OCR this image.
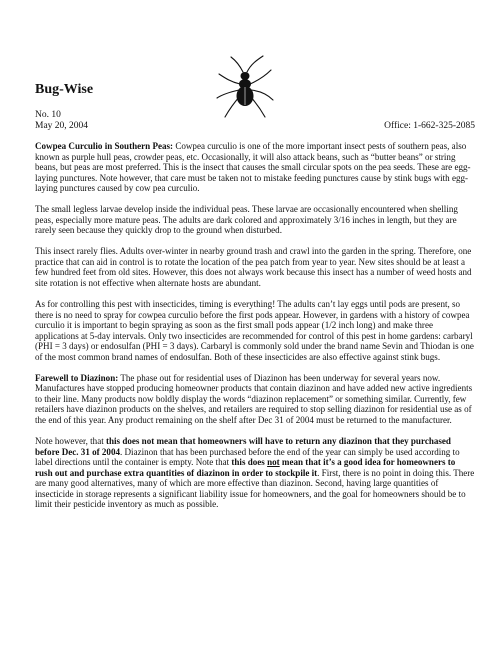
Bug-Wise
No. 10
May 20, 2004	Office: 1-662-325-2085

Cowpea Curculio in Southern Peas: Cowpea curculio is one of the more important insect pests of southern peas, also known as purple hull peas, crowder peas, etc. Occasionally, it will also attack beans, such as “butter beans” or string beans, but peas are most preferred. This is the insect that causes the small circular spots on the pea seeds. These are egg-laying punctures. Note however, that care must be taken not to mistake feeding punctures cause by stink bugs with egg-laying punctures caused by cow pea curculio.

The small legless larvae develop inside the individual peas. These larvae are occasionally encountered when shelling peas, especially more mature peas. The adults are dark colored and approximately 3/16 inches in length, but they are rarely seen because they quickly drop to the ground when disturbed.

This insect rarely flies. Adults over-winter in nearby ground trash and crawl into the garden in the spring. Therefore, one practice that can aid in control is to rotate the location of the pea patch from year to year. New sites should be at least a few hundred feet from old sites. However, this does not always work because this insect has a number of weed hosts and site rotation is not effective when alternate hosts are abundant.

As for controlling this pest with insecticides, timing is everything! The adults can’t lay eggs until pods are present, so there is no need to spray for cowpea curculio before the first pods appear. However, in gardens with a history of cowpea curculio it is important to begin spraying as soon as the first small pods appear (1/2 inch long) and make three applications at 5-day intervals. Only two insecticides are recommended for control of this pest in home gardens: carbaryl (PHI = 3 days) or endosulfan (PHI = 3 days). Carbaryl is commonly sold under the brand name Sevin and Thiodan is one of the most common brand names of endosulfan. Both of these insecticides are also effective against stink bugs.

Farewell to Diazinon: The phase out for residential uses of Diazinon has been underway for several years now. Manufactures have stopped producing homeowner products that contain diazinon and have added new active ingredients to their line. Many products now boldly display the words “diazinon replacement” or something similar. Currently, few retailers have diazinon products on the shelves, and retailers are required to stop selling diazinon for residential use as of the end of this year. Any product remaining on the shelf after Dec 31 of 2004 must be returned to the manufacturer.

Note however, that this does not mean that homeowners will have to return any diazinon that they purchased before Dec. 31 of 2004. Diazinon that has been purchased before the end of the year can simply be used according to label directions until the container is empty. Note that this does not mean that it’s a good idea for homeowners to rush out and purchase extra quantities of diazinon in order to stockpile it. First, there is no point in doing this. There are many good alternatives, many of which are more effective than diazinon. Second, having large quantities of insecticide in storage represents a significant liability issue for homeowners, and the goal for homeowners should be to limit their pesticide inventory as much as possible.
